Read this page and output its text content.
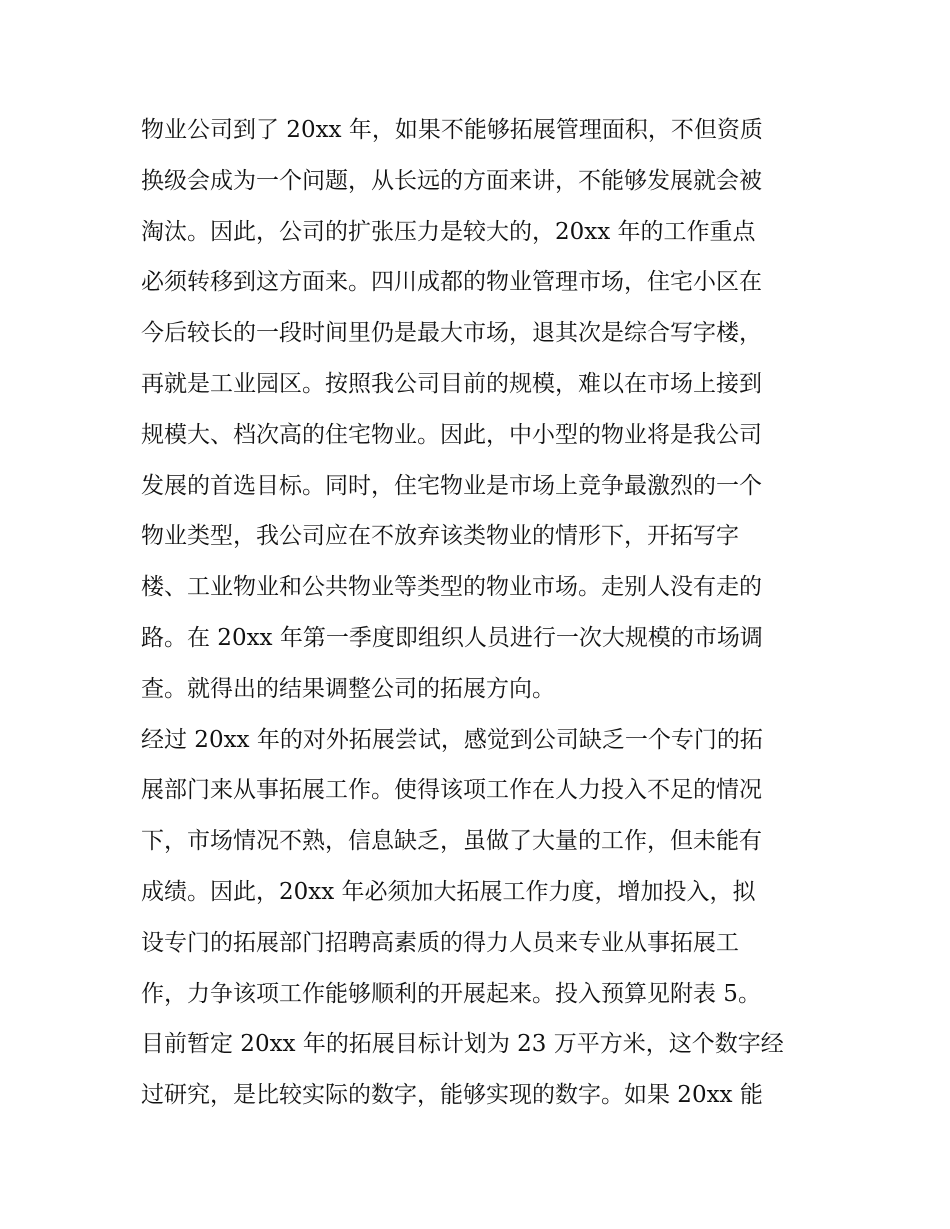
物业公司到了 20xx 年，如果不能够拓展管理面积，不但资质
换级会成为一个问题，从长远的方面来讲，不能够发展就会被
淘汰。因此，公司的扩张压力是较大的，20xx 年的工作重点
必须转移到这方面来。四川成都的物业管理市场，住宅小区在
今后较长的一段时间里仍是最大市场，退其次是综合写字楼，
再就是工业园区。按照我公司目前的规模，难以在市场上接到
规模大、档次高的住宅物业。因此，中小型的物业将是我公司
发展的首选目标。同时，住宅物业是市场上竞争最激烈的一个
物业类型，我公司应在不放弃该类物业的情形下，开拓写字
楼、工业物业和公共物业等类型的物业市场。走别人没有走的
路。在 20xx 年第一季度即组织人员进行一次大规模的市场调
查。就得出的结果调整公司的拓展方向。
经过 20xx 年的对外拓展尝试，感觉到公司缺乏一个专门的拓
展部门来从事拓展工作。使得该项工作在人力投入不足的情况
下，市场情况不熟，信息缺乏，虽做了大量的工作，但未能有
成绩。因此，20xx 年必须加大拓展工作力度，增加投入，拟
设专门的拓展部门招聘高素质的得力人员来专业从事拓展工
作，力争该项工作能够顺利的开展起来。投入预算见附表 5。
目前暂定 20xx 年的拓展目标计划为 23 万平方米，这个数字经
过研究，是比较实际的数字，能够实现的数字。如果 20xx 能
